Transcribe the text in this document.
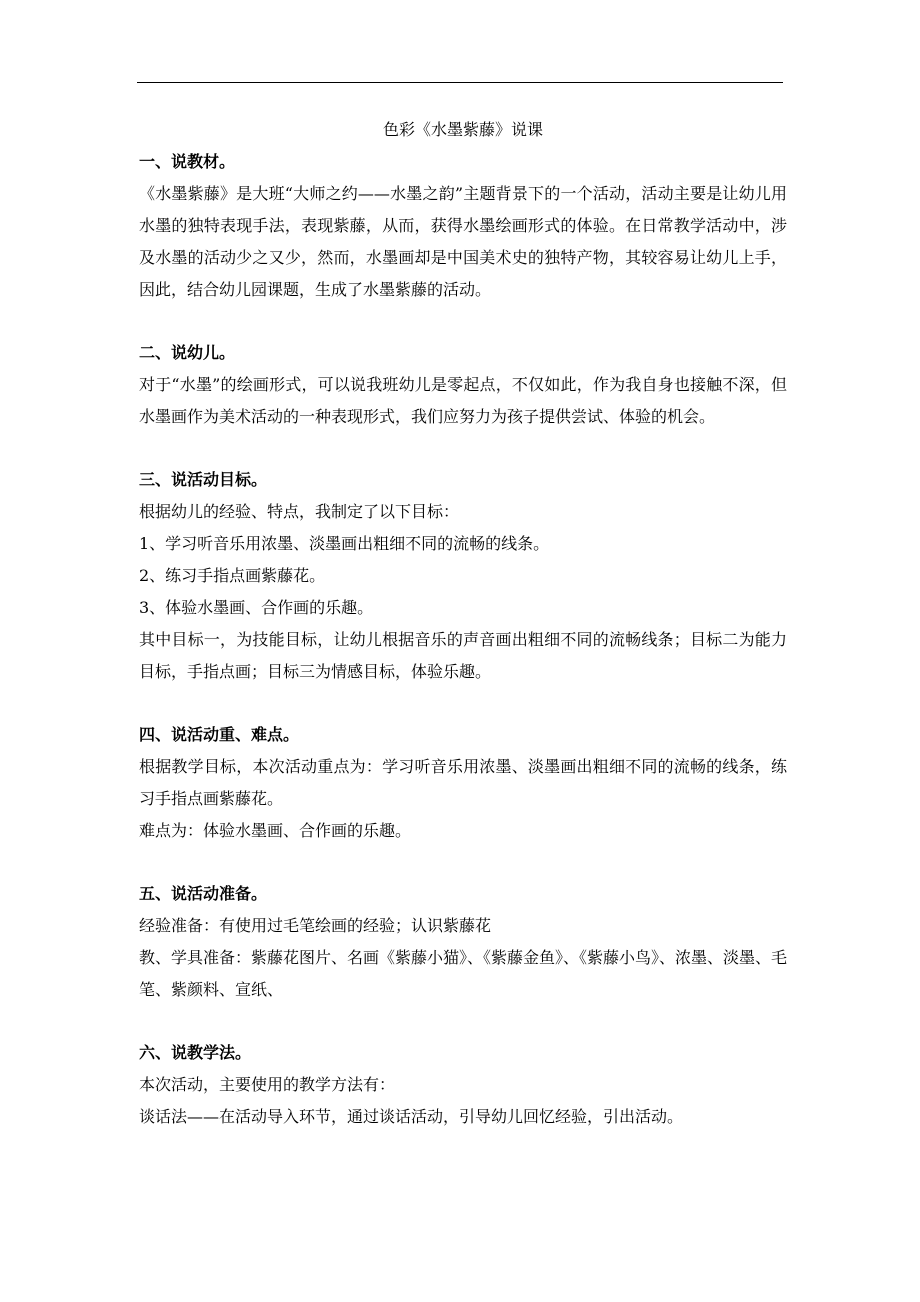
色彩《水墨紫藤》说课

一、说教材。

《水墨紫藤》是大班“大师之约——水墨之韵”主题背景下的一个活动，活动主要是让幼儿用水墨的独特表现手法，表现紫藤，从而，获得水墨绘画形式的体验。在日常教学活动中，涉及水墨的活动少之又少，然而，水墨画却是中国美术史的独特产物，其较容易让幼儿上手，因此，结合幼儿园课题，生成了水墨紫藤的活动。

二、说幼儿。

对于“水墨”的绘画形式，可以说我班幼儿是零起点，不仅如此，作为我自身也接触不深，但水墨画作为美术活动的一种表现形式，我们应努力为孩子提供尝试、体验的机会。

三、说活动目标。

根据幼儿的经验、特点，我制定了以下目标：

1、学习听音乐用浓墨、淡墨画出粗细不同的流畅的线条。

2、练习手指点画紫藤花。

3、体验水墨画、合作画的乐趣。

其中目标一，为技能目标，让幼儿根据音乐的声音画出粗细不同的流畅线条；目标二为能力目标，手指点画；目标三为情感目标，体验乐趣。

四、说活动重、难点。

根据教学目标，本次活动重点为：学习听音乐用浓墨、淡墨画出粗细不同的流畅的线条，练习手指点画紫藤花。

难点为：体验水墨画、合作画的乐趣。

五、说活动准备。

经验准备：有使用过毛笔绘画的经验；认识紫藤花

教、学具准备：紫藤花图片、名画《紫藤小猫》、《紫藤金鱼》、《紫藤小鸟》、浓墨、淡墨、毛笔、紫颜料、宣纸、

六、说教学法。

本次活动，主要使用的教学方法有：

谈话法——在活动导入环节，通过谈话活动，引导幼儿回忆经验，引出活动。
